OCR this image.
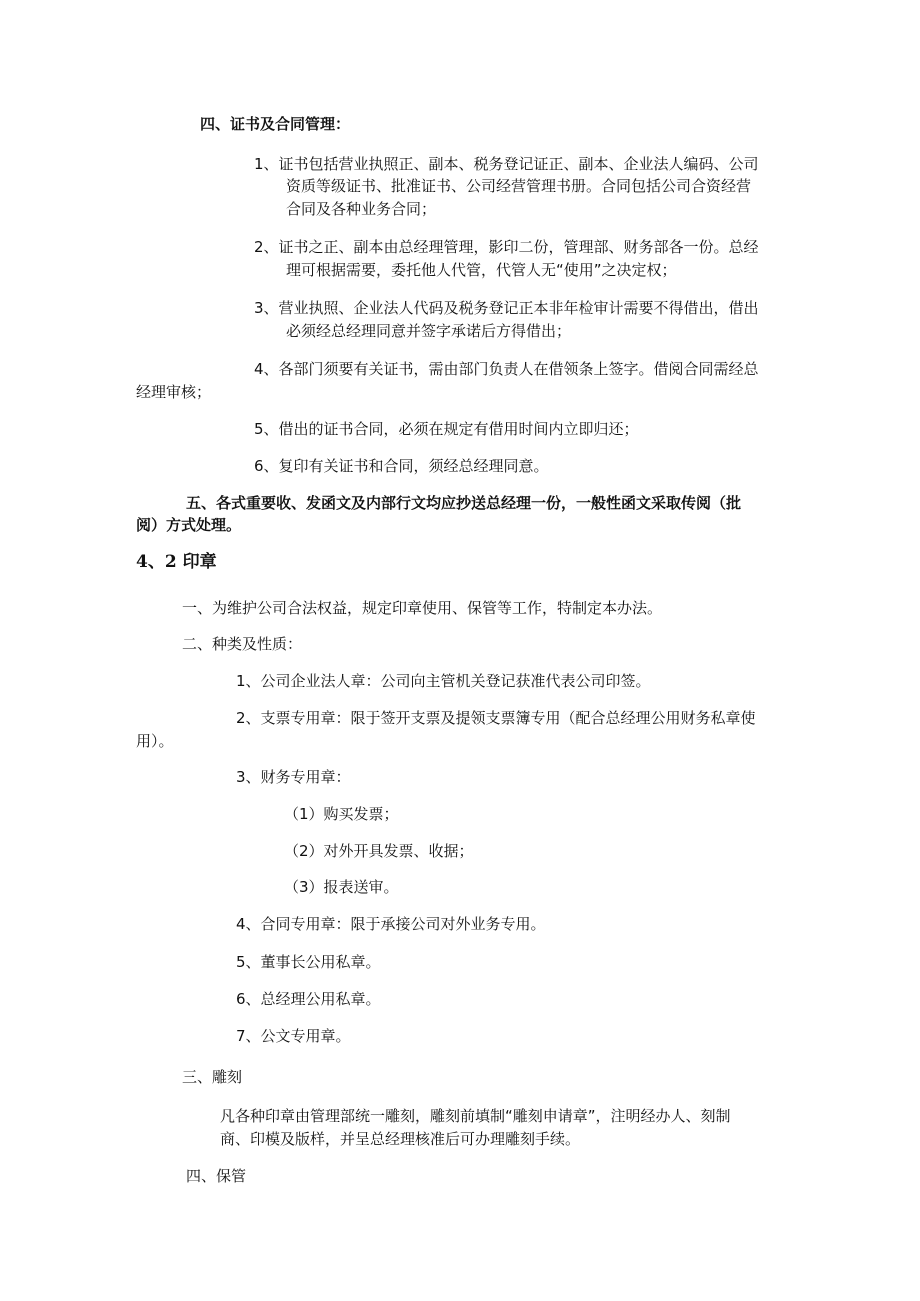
四、证书及合同管理：
1、证书包括营业执照正、副本、税务登记证正、副本、企业法人编码、公司
资质等级证书、批准证书、公司经营管理书册。合同包括公司合资经营
合同及各种业务合同；
2、证书之正、副本由总经理管理，影印二份，管理部、财务部各一份。总经
理可根据需要，委托他人代管，代管人无“使用”之决定权；
3、营业执照、企业法人代码及税务登记正本非年检审计需要不得借出，借出
必须经总经理同意并签字承诺后方得借出；
4、各部门须要有关证书，需由部门负责人在借领条上签字。借阅合同需经总
经理审核；
5、借出的证书合同，必须在规定有借用时间内立即归还；
6、复印有关证书和合同，须经总经理同意。
五、各式重要收、发函文及内部行文均应抄送总经理一份，一般性函文采取传阅（批
阅）方式处理。
4、2 印章
一、为维护公司合法权益，规定印章使用、保管等工作，特制定本办法。
二、种类及性质：
1、公司企业法人章：公司向主管机关登记获准代表公司印签。
2、支票专用章：限于签开支票及提领支票簿专用（配合总经理公用财务私章使
用）。
3、财务专用章：
（1）购买发票；
（2）对外开具发票、收据；
（3）报表送审。
4、合同专用章：限于承接公司对外业务专用。
5、董事长公用私章。
6、总经理公用私章。
7、公文专用章。
三、雕刻
凡各种印章由管理部统一雕刻，雕刻前填制“雕刻申请章”，注明经办人、刻制
商、印模及版样，并呈总经理核准后可办理雕刻手续。
四、保管
